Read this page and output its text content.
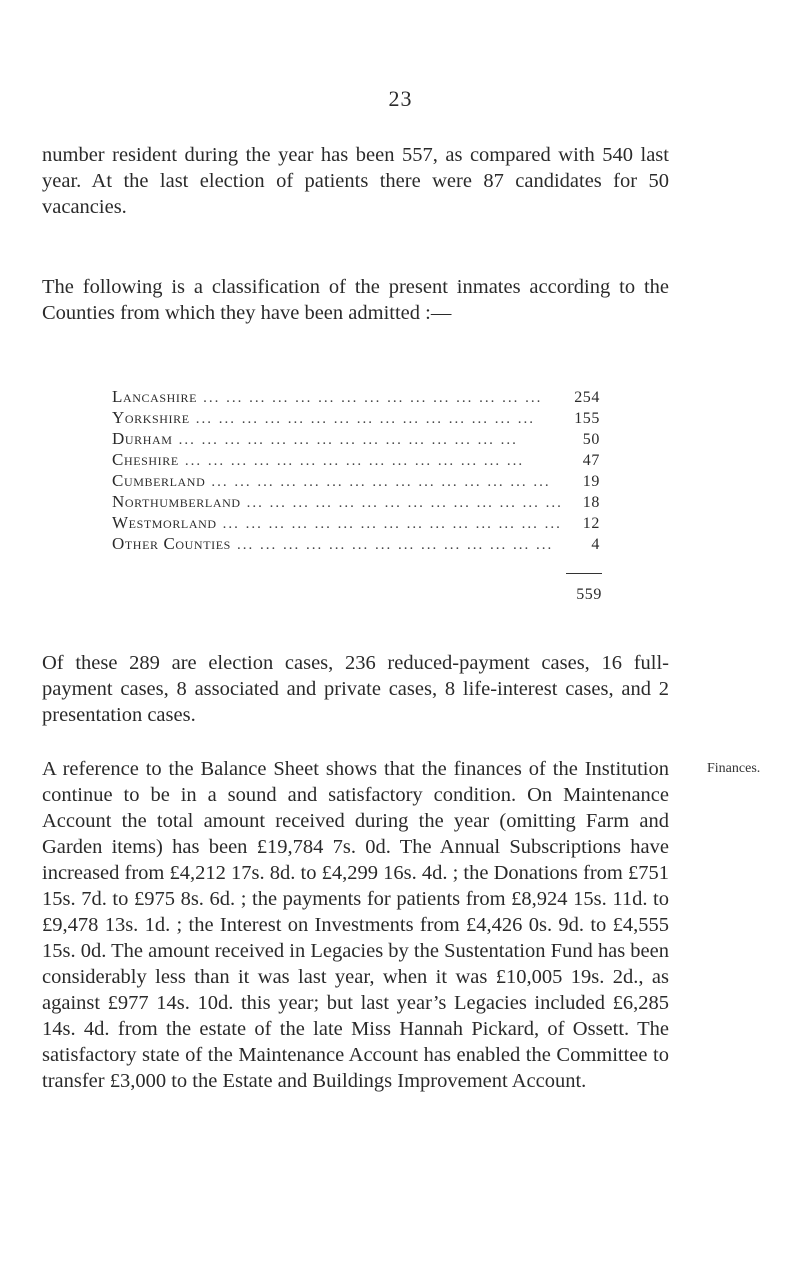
23

number resident during the year has been 557, as compared with 540 last year. At the last election of patients there were 87 candidates for 50 vacancies.

The following is a classification of the present inmates according to the Counties from which they have been admitted :—

Lancashire ... .	254
Yorkshire ... .	155
Durham ... .	50
Cheshire ... .	47
Cumberland ... .	19
Northumberland ... .	18
Westmorland ... .	12
Other Counties ... .	4
559

Of these 289 are election cases, 236 reduced-payment cases, 16 full-payment cases, 8 associated and private cases, 8 life-interest cases, and 2 presentation cases.

Finances.

A reference to the Balance Sheet shows that the finances of the Institution continue to be in a sound and satisfactory condition. On Maintenance Account the total amount received during the year (omitting Farm and Garden items) has been £19,784 7s. 0d. The Annual Subscriptions have increased from £4,212 17s. 8d. to £4,299 16s. 4d. ; the Donations from £751 15s. 7d. to £975 8s. 6d. ; the payments for patients from £8,924 15s. 11d. to £9,478 13s. 1d. ; the Interest on Investments from £4,426 0s. 9d. to £4,555 15s. 0d. The amount received in Legacies by the Sustentation Fund has been considerably less than it was last year, when it was £10,005 19s. 2d., as against £977 14s. 10d. this year; but last year’s Legacies included £6,285 14s. 4d. from the estate of the late Miss Hannah Pickard, of Ossett. The satisfactory state of the Maintenance Account has enabled the Committee to transfer £3,000 to the Estate and Buildings Improvement Account.
